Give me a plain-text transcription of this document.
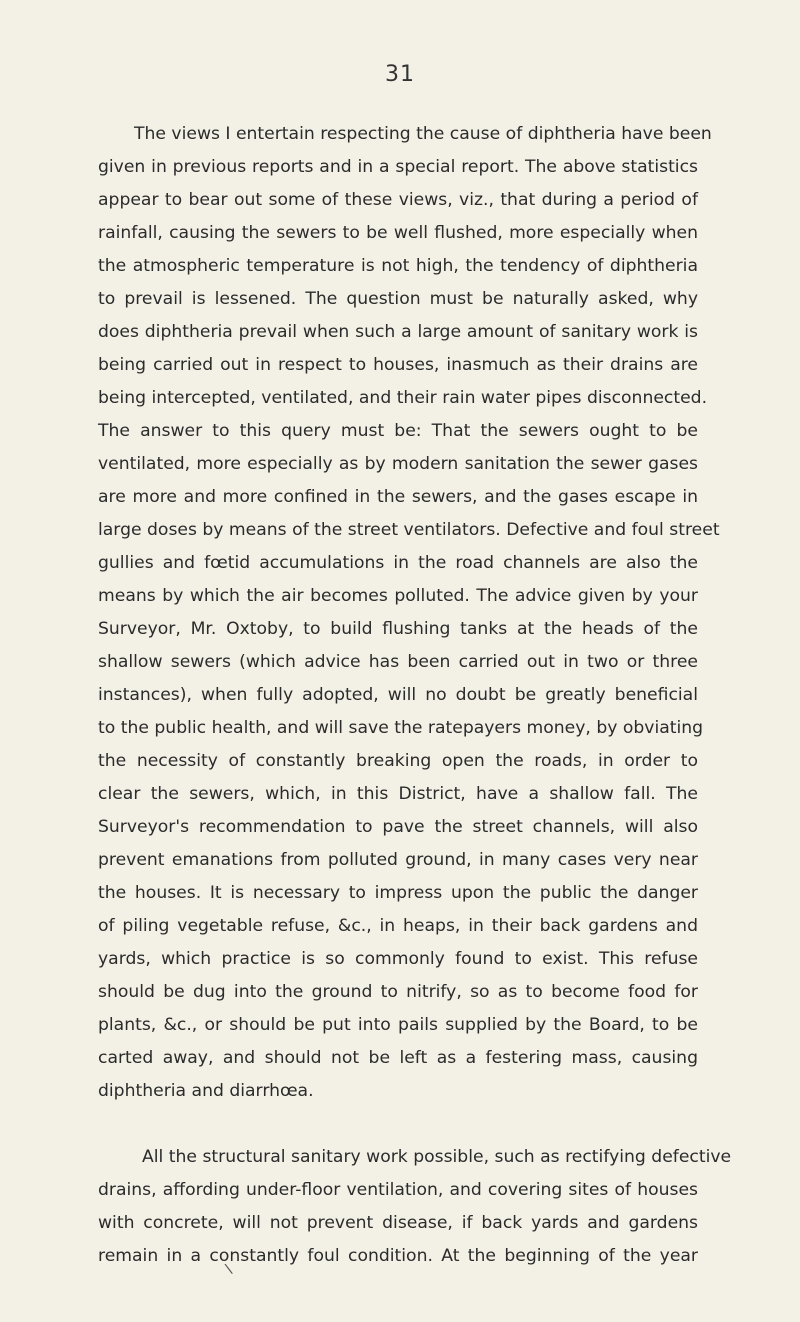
31
The views I entertain respecting the cause of diphtheria have been
given in previous reports and in a special report. The above statistics
appear to bear out some of these views, viz., that during a period of
rainfall, causing the sewers to be well flushed, more especially when
the atmospheric temperature is not high, the tendency of diphtheria
to prevail is lessened. The question must be naturally asked, why
does diphtheria prevail when such a large amount of sanitary work is
being carried out in respect to houses, inasmuch as their drains are
being intercepted, ventilated, and their rain water pipes disconnected.
The answer to this query must be: That the sewers ought to be
ventilated, more especially as by modern sanitation the sewer gases
are more and more confined in the sewers, and the gases escape in
large doses by means of the street ventilators. Defective and foul street
gullies and fœtid accumulations in the road channels are also the
means by which the air becomes polluted. The advice given by your
Surveyor, Mr. Oxtoby, to build flushing tanks at the heads of the
shallow sewers (which advice has been carried out in two or three
instances), when fully adopted, will no doubt be greatly beneficial
to the public health, and will save the ratepayers money, by obviating
the necessity of constantly breaking open the roads, in order to
clear the sewers, which, in this District, have a shallow fall. The
Surveyor's recommendation to pave the street channels, will also
prevent emanations from polluted ground, in many cases very near
the houses. It is necessary to impress upon the public the danger
of piling vegetable refuse, &c., in heaps, in their back gardens and
yards, which practice is so commonly found to exist. This refuse
should be dug into the ground to nitrify, so as to become food for
plants, &c., or should be put into pails supplied by the Board, to be
carted away, and should not be left as a festering mass, causing
diphtheria and diarrhœa.
All the structural sanitary work possible, such as rectifying defective
drains, affording under-floor ventilation, and covering sites of houses
with concrete, will not prevent disease, if back yards and gardens
remain in a constantly foul condition. At the beginning of the year
∖
